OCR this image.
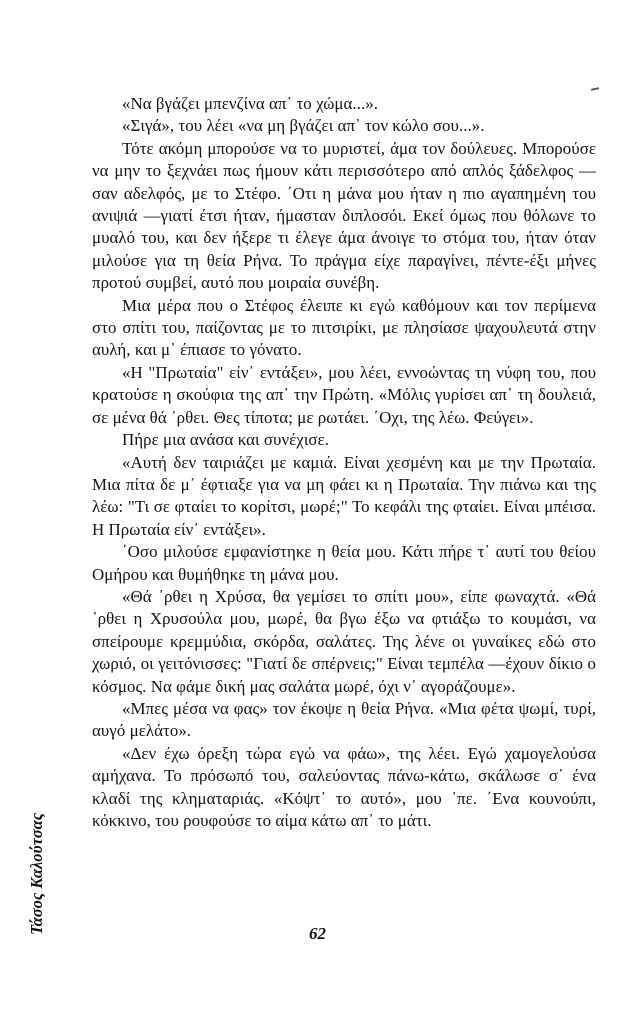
«Να βγάζει μπενζίνα απ᾽ το χώμα...».

«Σιγά», του λέει «να μη βγάζει απ᾽ τον κώλο σου...».

Τότε ακόμη μπορούσε να το μυριστεί, άμα τον δούλευες. Μπορούσε να μην το ξεχνάει πως ήμουν κάτι περισσότερο από απλός ξάδελφος —σαν αδελφός, με το Στέφο. ΄Οτι η μάνα μου ήταν η πιο αγαπημένη του ανιψιά —γιατί έτσι ήταν, ήμασταν διπλοσόι. Εκεί όμως που θόλωνε το μυαλό του, και δεν ήξερε τι έλεγε άμα άνοιγε το στόμα του, ήταν όταν μιλούσε για τη θεία Ρήνα. Το πράγμα είχε παραγίνει, πέντε-έξι μήνες προτού συμβεί, αυτό που μοιραία συνέβη.

Μια μέρα που ο Στέφος έλειπε κι εγώ καθόμουν και τον περίμενα στο σπίτι του, παίζοντας με το πιτσιρίκι, με πλησίασε ψαχουλευτά στην αυλή, και μ᾽ έπιασε το γόνατο.

«Η "Πρωταία" είν᾽ εντάξει», μου λέει, εννοώντας τη νύφη του, που κρατούσε η σκούφια της απ᾽ την Πρώτη. «Μόλις γυρίσει απ᾽ τη δουλειά, σε μένα θά ᾽ρθει. Θες τίποτα; με ρωτάει. ΄Οχι, της λέω. Φεύγει».

Πήρε μια ανάσα και συνέχισε.

«Αυτή δεν ταιριάζει με καμιά. Είναι χεσμένη και με την Πρωταία. Μια πίτα δε μ᾽ έφτιαξε για να μη φάει κι η Πρωταία. Την πιάνω και της λέω: "Τι σε φταίει το κορίτσι, μωρέ;" Το κεφάλι της φταίει. Είναι μπέισα. Η Πρωταία είν᾽ εντάξει».

΄Οσο μιλούσε εμφανίστηκε η θεία μου. Κάτι πήρε τ᾽ αυτί του θείου Ομήρου και θυμήθηκε τη μάνα μου.

«Θά ᾽ρθει η Χρύσα, θα γεμίσει το σπίτι μου», είπε φωναχτά. «Θά ᾽ρθει η Χρυσούλα μου, μωρέ, θα βγω έξω να φτιάξω το κουμάσι, να σπείρουμε κρεμμύδια, σκόρδα, σαλάτες. Της λένε οι γυναίκες εδώ στο χωριό, οι γειτόνισσες: "Γιατί δε σπέρνεις;" Είναι τεμπέλα —έχουν δίκιο ο κόσμος. Να φάμε δική μας σαλάτα μωρέ, όχι ν᾽ αγοράζουμε».

«Μπες μέσα να φας» τον έκοψε η θεία Ρήνα. «Μια φέτα ψωμί, τυρί, αυγό μελάτο».

«Δεν έχω όρεξη τώρα εγώ να φάω», της λέει. Εγώ χαμογελούσα αμήχανα. Το πρόσωπό του, σαλεύοντας πάνω-κάτω, σκάλωσε σ᾽ ένα κλαδί της κληματαριάς. «Κόψτ᾽ το αυτό», μου ᾽πε. ΄Ενα κουνούπι, κόκκινο, του ρουφούσε το αίμα κάτω απ᾽ το μάτι.

Τάσος Καλούτσας	62
